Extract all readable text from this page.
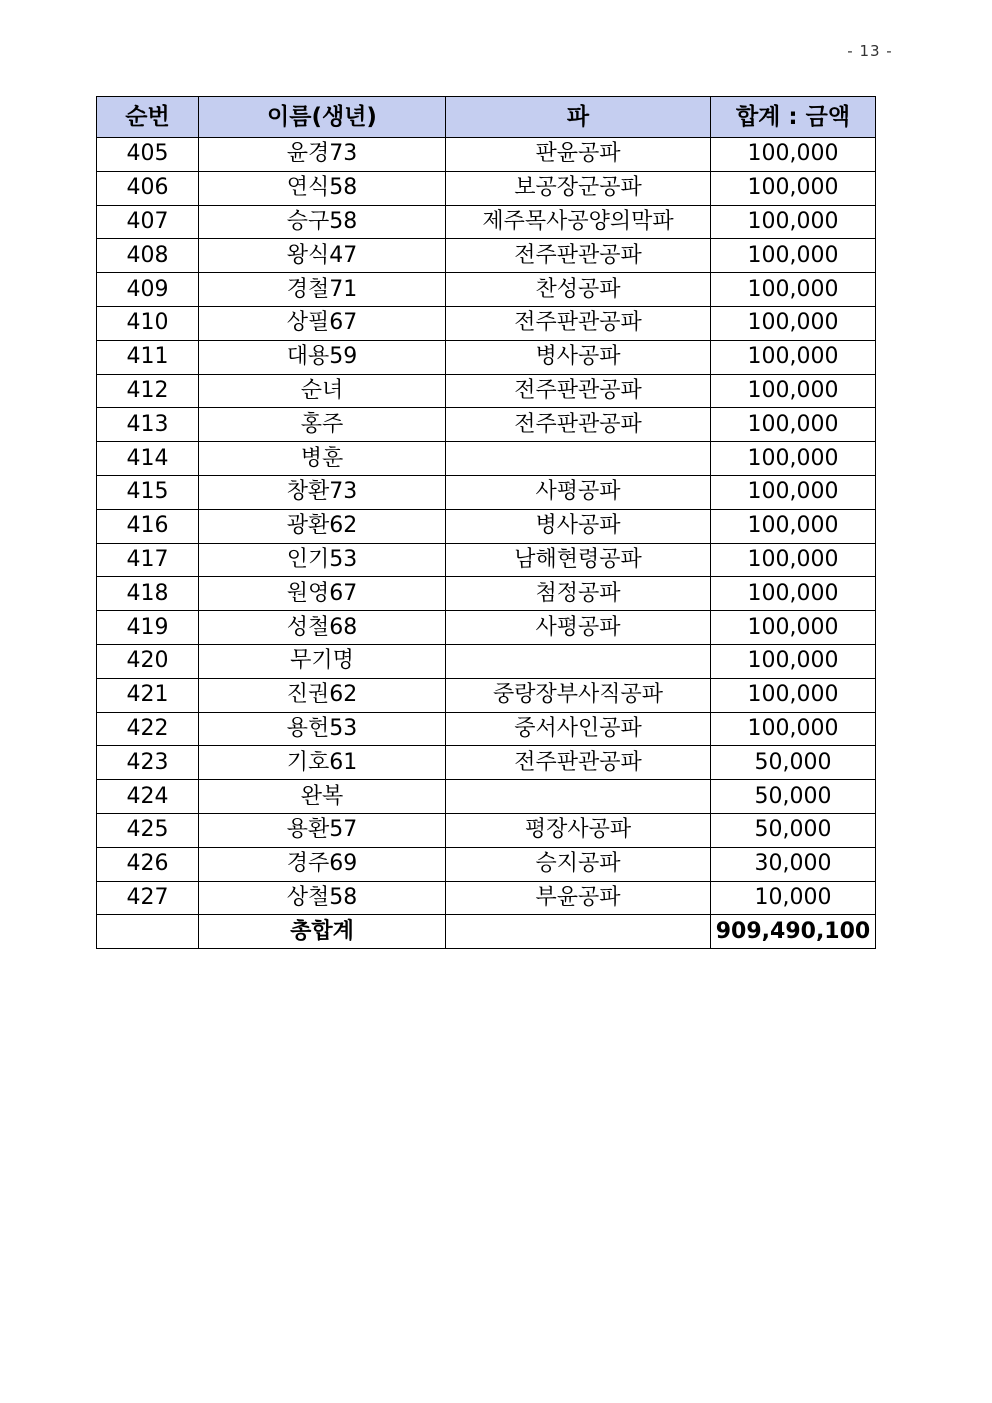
- 13 -
순번	이름(생년)	파	합계 : 금액
405	윤경73	판윤공파	100,000
406	연식58	보공장군공파	100,000
407	승구58	제주목사공양의막파	100,000
408	왕식47	전주판관공파	100,000
409	경철71	찬성공파	100,000
410	상필67	전주판관공파	100,000
411	대용59	병사공파	100,000
412	순녀	전주판관공파	100,000
413	홍주	전주판관공파	100,000
414	병훈		100,000
415	창환73	사평공파	100,000
416	광환62	병사공파	100,000
417	인기53	남해현령공파	100,000
418	원영67	첨정공파	100,000
419	성철68	사평공파	100,000
420	무기명		100,000
421	진권62	중랑장부사직공파	100,000
422	용헌53	중서사인공파	100,000
423	기호61	전주판관공파	50,000
424	완복		50,000
425	용환57	평장사공파	50,000
426	경주69	승지공파	30,000
427	상철58	부윤공파	10,000
	총합계		909,490,100
